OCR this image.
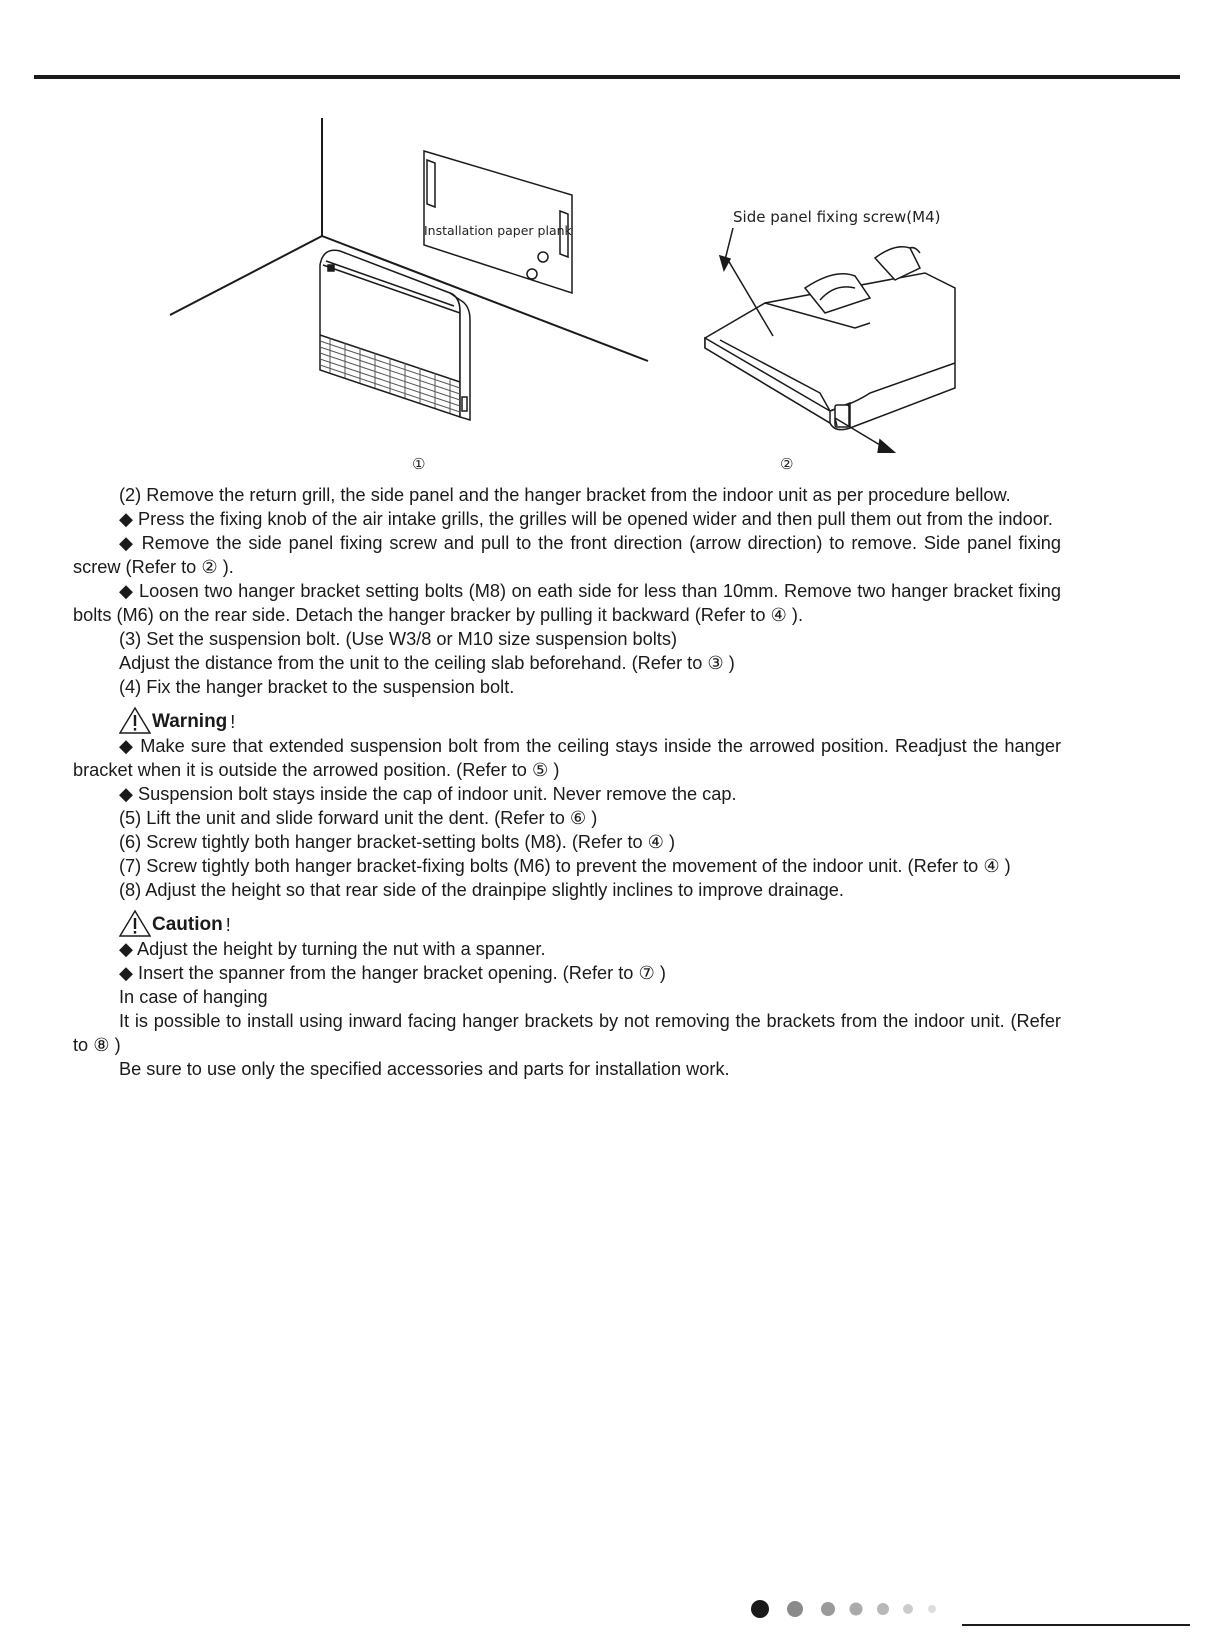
Installation paper plank
①
Side panel fixing screw(M4)
②

(2) Remove the return grill, the side panel and the hanger bracket from the indoor unit as per procedure bellow.

◆ Press the fixing knob of the air intake grills, the grilles will be opened wider and then pull them out from the indoor.

◆ Remove the side panel fixing screw and pull to the front direction (arrow direction) to remove. Side panel fixing screw (Refer to ② ).

◆ Loosen two hanger bracket setting bolts (M8) on eath side for less than 10mm. Remove two hanger bracket fixing bolts (M6) on the rear side. Detach the hanger bracker by pulling it backward (Refer to ④ ).

(3) Set the suspension bolt. (Use W3/8 or M10 size suspension bolts)

Adjust the distance from the unit to the ceiling slab beforehand. (Refer to ③ )

(4) Fix the hanger bracket to the suspension bolt.

Warning !

◆ Make sure that extended suspension bolt from the ceiling stays inside the arrowed position. Readjust the hanger bracket when it is outside the arrowed position. (Refer to ⑤ )

◆ Suspension bolt stays inside the cap of indoor unit. Never remove the cap.

(5) Lift the unit and slide forward unit the dent. (Refer to ⑥ )

(6) Screw tightly both hanger bracket-setting bolts (M8). (Refer to ④ )

(7) Screw tightly both hanger bracket-fixing bolts (M6) to prevent the movement of the indoor unit. (Refer to ④ )

(8) Adjust the height so that rear side of the drainpipe slightly inclines to improve drainage.

Caution !

◆ Adjust the height by turning the nut with a spanner.

◆ Insert the spanner from the hanger bracket opening. (Refer to ⑦ )

In case of hanging

It is possible to install using inward facing hanger brackets by not removing the brackets from the indoor unit. (Refer to ⑧ )

Be sure to use only the specified accessories and parts for installation work.
